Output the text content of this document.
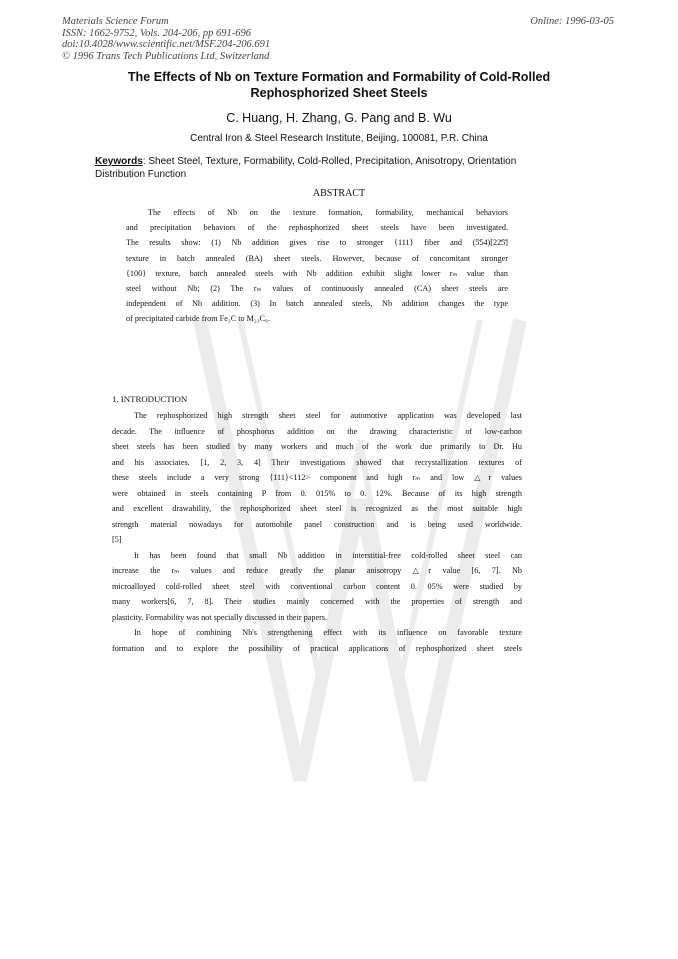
Materials Science Forum
ISSN: 1662-9752, Vols. 204-206, pp 691-696
doi:10.4028/www.scientific.net/MSF.204-206.691
© 1996 Trans Tech Publications Ltd, Switzerland
Online: 1996-03-05
The Effects of Nb on Texture Formation and Formability of Cold-Rolled
Rephosphorized Sheet Steels
C. Huang, H. Zhang, G. Pang and B. Wu
Central Iron & Steel Research Institute, Beijing, 100081, P.R. China
Keywords: Sheet Steel, Texture, Formability, Cold-Rolled, Precipitation, Anisotropy, Orientation Distribution Function
ABSTRACT
The effects of Nb on the texture formation, formability, mechanical behaviors
and precipitation behaviors of the rephosphorized sheet steels have been investigated.
The results show: (1) Nb addition gives rise to stronger {111} fiber and (5̄54)[22̄5̄]
texture in batch annealed (BA) sheet steels. However, because of concomitant stronger
{100} texture, batch annealed steels with Nb addition exhibit slight lower rₘ value than
steel without Nb; (2) The rₘ values of continuously annealed (CA) sheet steels are
independent of Nb addition. (3) In batch annealed steels, Nb addition changes the type
of precipitated carbide from Fe₃C to M₂₃C₆.
1. INTRODUCTION
The rephosphorized high strength sheet steel for automotive application was developed last
decade. The influence of phosphorus addition on the drawing characteristic of low-carbon
sheet steels has been studied by many workers and much of the work due primarily to Dr. Hu
and his associates. [1, 2, 3, 4] Their investigations showed that recrystallization textures of
these steels include a very strong {111}<112> component and high rₘ and low △r values
were obtained in steels containing P from 0. 015% to 0. 12%. Because of its high strength
and excellent drawability, the rephosphorized sheet steel is recognized as the most suitable high
strength material nowadays for automobile panel construction and is being used worldwide.
[5]
It has been found that small Nb addition in interstitial-free cold-rolled sheet steel can
increase the rₘ values and reduce greatly the planar anisotropy △r value [6, 7]. Nb
microalloyed cold-rolled sheet steel with conventional carbon content 0. 05% were studied by
many workers[6, 7, 8]. Their studies mainly concerned with the properties of strength and
plasticity. Formability was not specially discussed in their papers.
In hope of combining Nb's strengthening effect with its influence on favorable texture
formation and to explore the possibility of practical applications of rephosphorized sheet steels
